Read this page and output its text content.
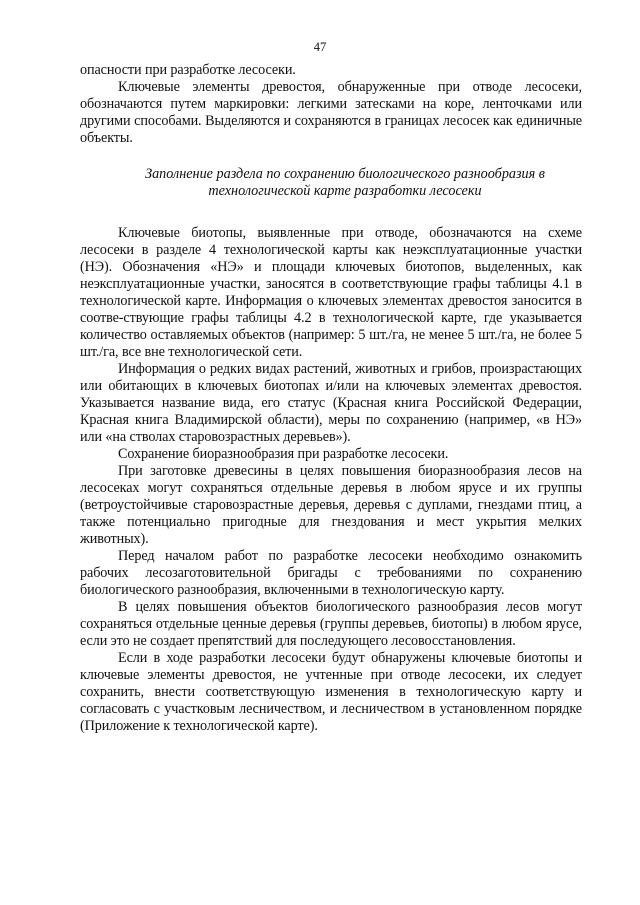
47

опасности при разработке лесосеки.

Ключевые элементы древостоя, обнаруженные при отводе лесосеки, обозначаются путем маркировки: легкими затесками на коре, ленточками или другими способами. Выделяются и сохраняются в границах лесосек как единичные объекты.

Заполнение раздела по сохранению биологического разнообразия в
технологической карте разработки лесосеки

Ключевые биотопы, выявленные при отводе, обозначаются на схеме лесосеки в разделе 4 технологической карты как неэксплуатационные участки (НЭ). Обозначения «НЭ» и площади ключевых биотопов, выделенных, как неэксплуатационные участки, заносятся в соответствующие графы таблицы 4.1 в технологической карте. Информация о ключевых элементах древостоя заносится в соотве-ствующие графы таблицы 4.2 в технологической карте, где указывается количество оставляемых объектов (например: 5 шт./га, не менее 5 шт./га, не более 5 шт./га, все вне технологической сети.

Информация о редких видах растений, животных и грибов, произрастающих или обитающих в ключевых биотопах и/или на ключевых элементах древостоя. Указывается название вида, его статус (Красная книга Российской Федерации, Красная книга Владимирской области), меры по сохранению (например, «в НЭ» или «на стволах старовозрастных деревьев»).

Сохранение биоразнообразия при разработке лесосеки.

При заготовке древесины в целях повышения биоразнообразия лесов на лесосеках могут сохраняться отдельные деревья в любом ярусе и их группы (ветроустойчивые старовозрастные деревья, деревья с дуплами, гнездами птиц, а также потенциально пригодные для гнездования и мест укрытия мелких животных).

Перед началом работ по разработке лесосеки необходимо ознакомить рабочих лесозаготовительной бригады с требованиями по сохранению биологического разнообразия, включенными в технологическую карту.

В целях повышения объектов биологического разнообразия лесов могут сохраняться отдельные ценные деревья (группы деревьев, биотопы) в любом ярусе, если это не создает препятствий для последующего лесовосстановления.

Если в ходе разработки лесосеки будут обнаружены ключевые биотопы и ключевые элементы древостоя, не учтенные при отводе лесосеки, их следует сохранить, внести соответствующую изменения в технологическую карту и согласовать с участковым лесничеством, и лесничеством в установленном порядке (Приложение к технологической карте).
